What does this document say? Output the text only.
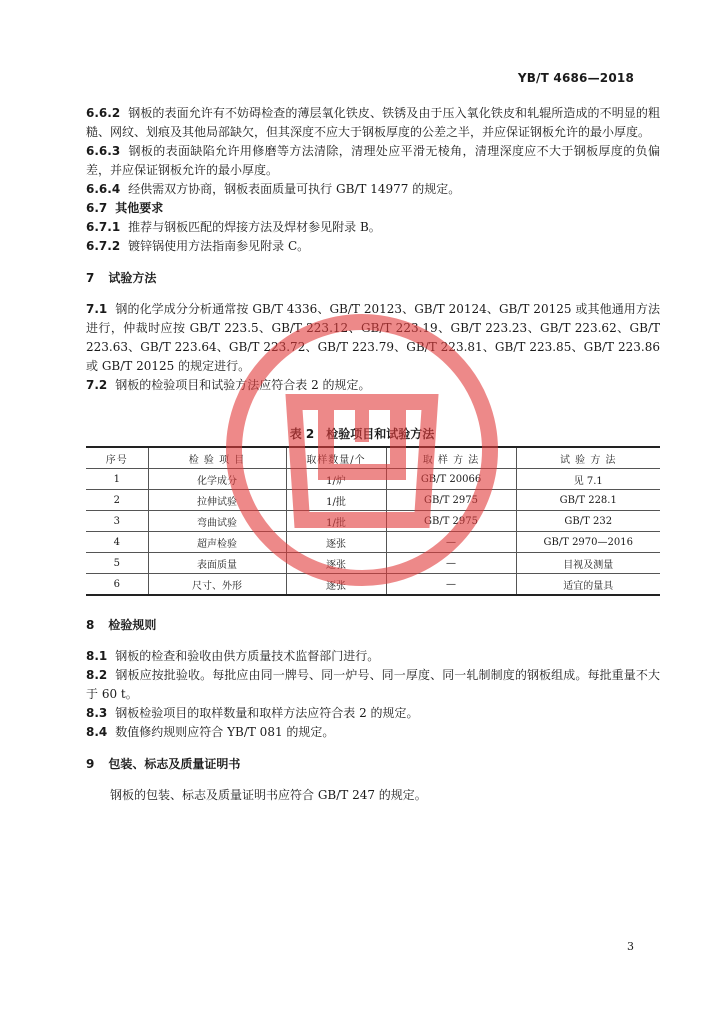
YB/T 4686—2018

6.6.2 钢板的表面允许有不妨碍检查的薄层氧化铁皮、铁锈及由于压入氧化铁皮和轧辊所造成的不明显的粗糙、网纹、划痕及其他局部缺欠，但其深度不应大于钢板厚度的公差之半，并应保证钢板允许的最小厚度。

6.6.3 钢板的表面缺陷允许用修磨等方法清除，清理处应平滑无棱角，清理深度应不大于钢板厚度的负偏差，并应保证钢板允许的最小厚度。

6.6.4 经供需双方协商，钢板表面质量可执行 GB/T 14977 的规定。

6.7 其他要求

6.7.1 推荐与钢板匹配的焊接方法及焊材参见附录 B。

6.7.2 镀锌锅使用方法指南参见附录 C。

7 试验方法

7.1 钢的化学成分分析通常按 GB/T 4336、GB/T 20123、GB/T 20124、GB/T 20125 或其他通用方法进行，仲裁时应按 GB/T 223.5、GB/T 223.12、GB/T 223.19、GB/T 223.23、GB/T 223.62、GB/T 223.63、GB/T 223.64、GB/T 223.72、GB/T 223.79、GB/T 223.81、GB/T 223.85、GB/T 223.86 或 GB/T 20125 的规定进行。

7.2 钢板的检验项目和试验方法应符合表 2 的规定。

表 2　检验项目和试验方法
序号	检 验 项 目	取样数量/个	取 样 方 法	试 验 方 法
1	化学成分	1/炉	GB/T 20066	见 7.1
2	拉伸试验	1/批	GB/T 2975	GB/T 228.1
3	弯曲试验	1/批	GB/T 2975	GB/T 232
4	超声检验	逐张	—	GB/T 2970—2016
5	表面质量	逐张	—	目视及测量
6	尺寸、外形	逐张	—	适宜的量具

8 检验规则

8.1 钢板的检查和验收由供方质量技术监督部门进行。

8.2 钢板应按批验收。每批应由同一牌号、同一炉号、同一厚度、同一轧制制度的钢板组成。每批重量不大于 60 t。

8.3 钢板检验项目的取样数量和取样方法应符合表 2 的规定。

8.4 数值修约规则应符合 YB/T 081 的规定。

9 包装、标志及质量证明书

钢板的包装、标志及质量证明书应符合 GB/T 247 的规定。

3
